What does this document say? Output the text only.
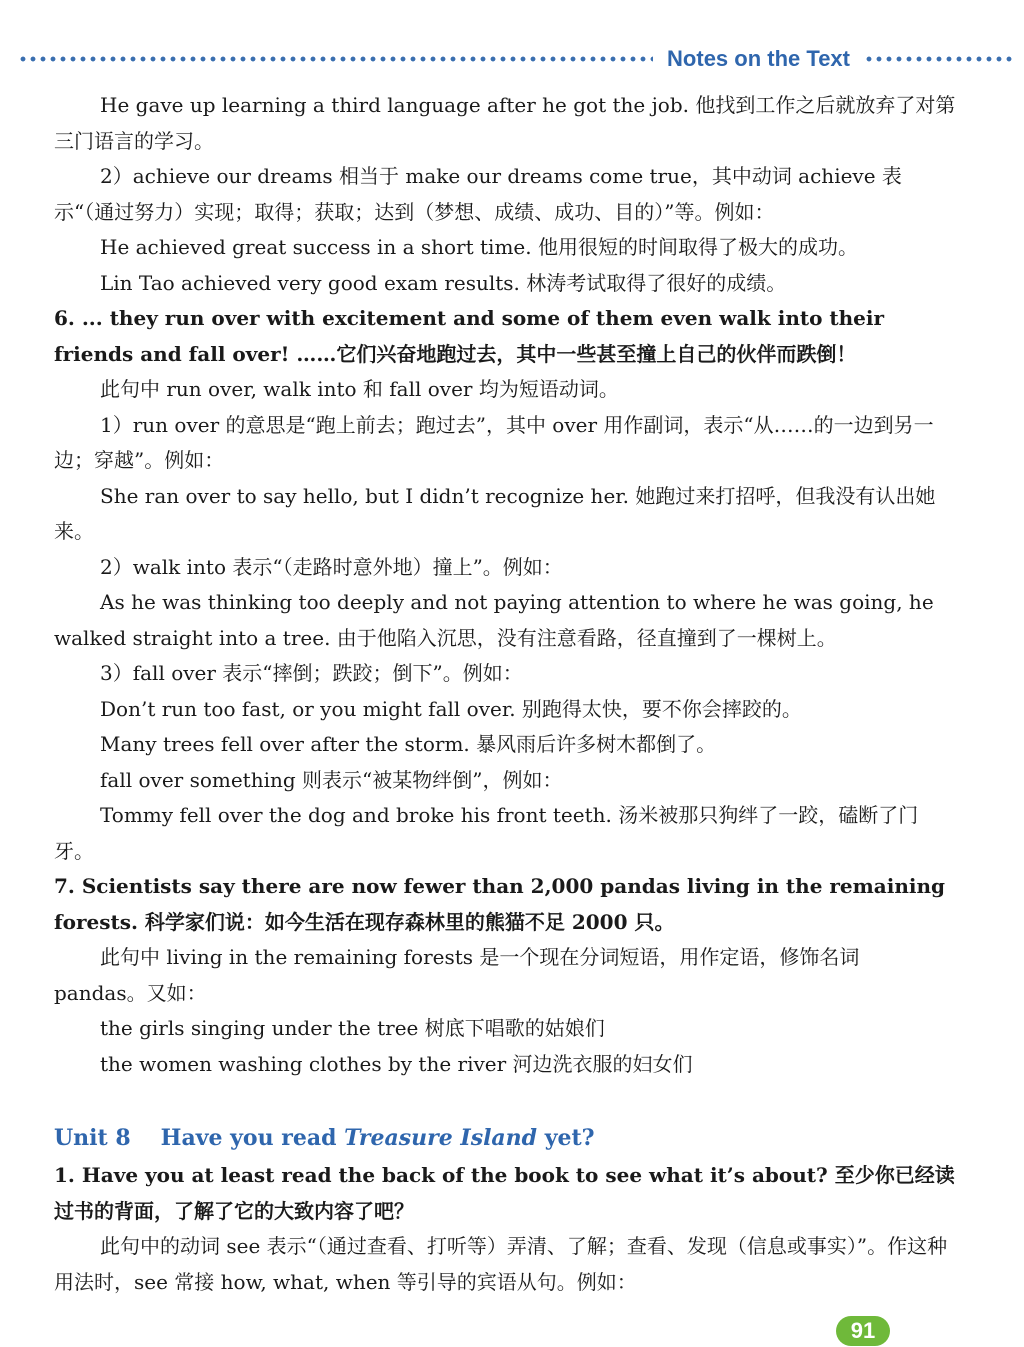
Notes on the Text

He gave up learning a third language after he got the job. 他找到工作之后就放弃了对第三门语言的学习。

2）achieve our dreams 相当于 make our dreams come true，其中动词 achieve 表示“（通过努力）实现；取得；获取；达到（梦想、成绩、成功、目的）”等。例如：

He achieved great success in a short time. 他用很短的时间取得了极大的成功。

Lin Tao achieved very good exam results. 林涛考试取得了很好的成绩。

6. ... they run over with excitement and some of them even walk into their friends and fall over! ……它们兴奋地跑过去，其中一些甚至撞上自己的伙伴而跌倒！

此句中 run over, walk into 和 fall over 均为短语动词。

1）run over 的意思是“跑上前去；跑过去”，其中 over 用作副词，表示“从……的一边到另一边；穿越”。例如：

She ran over to say hello, but I didn’t recognize her. 她跑过来打招呼，但我没有认出她来。

2）walk into 表示“（走路时意外地）撞上”。例如：

As he was thinking too deeply and not paying attention to where he was going, he walked straight into a tree. 由于他陷入沉思，没有注意看路，径直撞到了一棵树上。

3）fall over 表示“摔倒；跌跤；倒下”。例如：

Don’t run too fast, or you might fall over. 别跑得太快，要不你会摔跤的。

Many trees fell over after the storm. 暴风雨后许多树木都倒了。

fall over something 则表示“被某物绊倒”，例如：

Tommy fell over the dog and broke his front teeth. 汤米被那只狗绊了一跤，磕断了门牙。

7. Scientists say there are now fewer than 2,000 pandas living in the remaining forests. 科学家们说：如今生活在现存森林里的熊猫不足 2000 只。

此句中 living in the remaining forests 是一个现在分词短语，用作定语，修饰名词 pandas。又如：

the girls singing under the tree 树底下唱歌的姑娘们

the women washing clothes by the river 河边洗衣服的妇女们

Unit 8 Have you read Treasure Island yet?

1. Have you at least read the back of the book to see what it’s about? 至少你已经读过书的背面，了解了它的大致内容了吧？

此句中的动词 see 表示“（通过查看、打听等）弄清、了解；查看、发现（信息或事实）”。作这种用法时，see 常接 how, what, when 等引导的宾语从句。例如：

91
